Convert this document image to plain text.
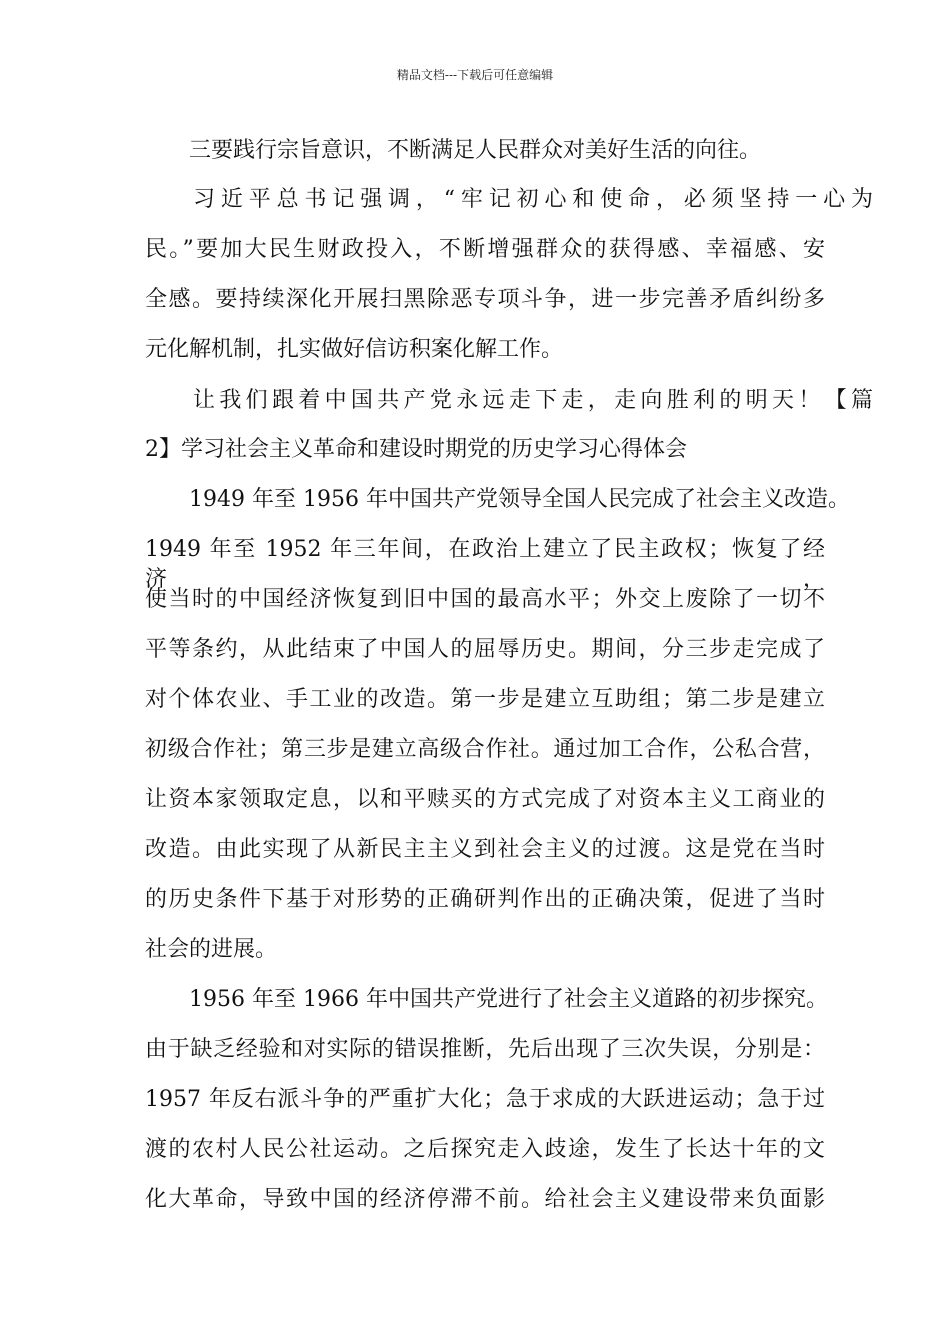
精品文档---下载后可任意编辑
三要践行宗旨意识，不断满足人民群众对美好生活的向往。
习近平总书记强调，“牢记初心和使命，必须坚持一心为
民。”要加大民生财政投入，不断增强群众的获得感、幸福感、安
全感。要持续深化开展扫黑除恶专项斗争，进一步完善矛盾纠纷多
元化解机制，扎实做好信访积案化解工作。
让我们跟着中国共产党永远走下走，走向胜利的明天！【篇
2】学习社会主义革命和建设时期党的历史学习心得体会
1949 年至 1956 年中国共产党领导全国人民完成了社会主义改造。
1949 年至 1952 年三年间，在政治上建立了民主政权；恢复了经济，
使当时的中国经济恢复到旧中国的最高水平；外交上废除了一切不
平等条约，从此结束了中国人的屈辱历史。期间，分三步走完成了
对个体农业、手工业的改造。第一步是建立互助组；第二步是建立
初级合作社；第三步是建立高级合作社。通过加工合作，公私合营，
让资本家领取定息，以和平赎买的方式完成了对资本主义工商业的
改造。由此实现了从新民主主义到社会主义的过渡。这是党在当时
的历史条件下基于对形势的正确研判作出的正确决策，促进了当时
社会的进展。
1956 年至 1966 年中国共产党进行了社会主义道路的初步探究。
由于缺乏经验和对实际的错误推断，先后出现了三次失误，分别是：
1957 年反右派斗争的严重扩大化；急于求成的大跃进运动；急于过
渡的农村人民公社运动。之后探究走入歧途，发生了长达十年的文
化大革命，导致中国的经济停滞不前。给社会主义建设带来负面影
